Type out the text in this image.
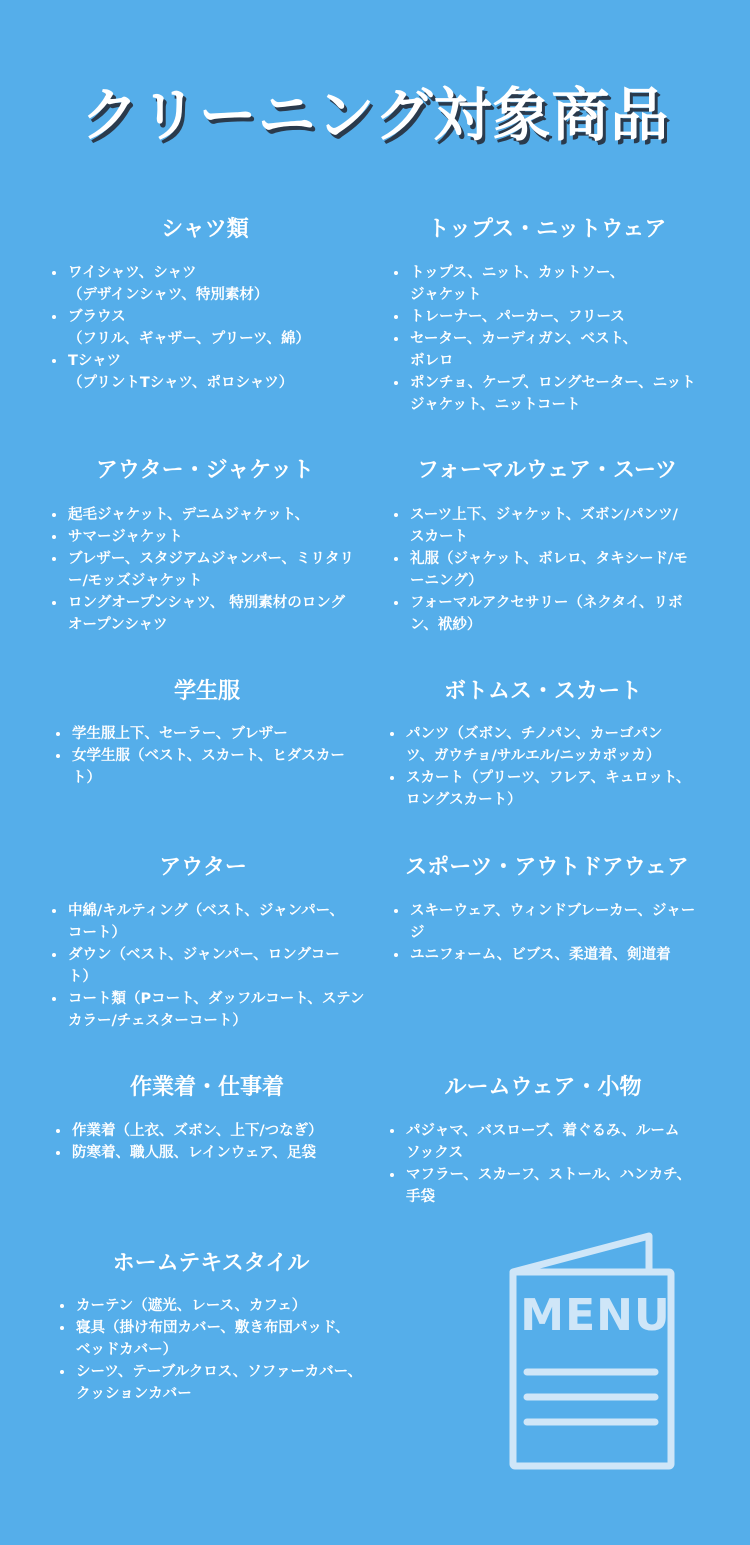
クリーニング対象商品
シャツ類
ワイシャツ、シャツ
（デザインシャツ、特別素材）
ブラウス
（フリル、ギャザー、プリーツ、綿）
Tシャツ
（プリントTシャツ、ポロシャツ）
トップス・ニットウェア
トップス、ニット、カットソー、
ジャケット
トレーナー、パーカー、フリース
セーター、カーディガン、ベスト、
ボレロ
ポンチョ、ケープ、ロングセーター、ニット
ジャケット、ニットコート
アウター・ジャケット
起毛ジャケット、デニムジャケット、
サマージャケット
ブレザー、スタジアムジャンパー、ミリタリ
ー/モッズジャケット
ロングオープンシャツ、 特別素材のロング
オープンシャツ
フォーマルウェア・スーツ
スーツ上下、ジャケット、ズボン/パンツ/
スカート
礼服（ジャケット、ボレロ、タキシード/モ
ーニング）
フォーマルアクセサリー（ネクタイ、リボ
ン、袱紗）
学生服
学生服上下、セーラー、ブレザー
女学生服（ベスト、スカート、ヒダスカー
ト）
ボトムス・スカート
パンツ（ズボン、チノパン、カーゴパン
ツ、ガウチョ/サルエル/ニッカポッカ）
スカート（プリーツ、フレア、キュロット、
ロングスカート）
アウター
中綿/キルティング（ベスト、ジャンパー、
コート）
ダウン（ベスト、ジャンパー、ロングコー
ト）
コート類（Pコート、ダッフルコート、ステン
カラー/チェスターコート）
スポーツ・アウトドアウェア
スキーウェア、ウィンドブレーカー、ジャー
ジ
ユニフォーム、ビブス、柔道着、剣道着
作業着・仕事着
作業着（上衣、ズボン、上下/つなぎ）
防寒着、職人服、レインウェア、足袋
ルームウェア・小物
パジャマ、バスローブ、着ぐるみ、ルーム
ソックス
マフラー、スカーフ、ストール、ハンカチ、
手袋
ホームテキスタイル
カーテン（遮光、レース、カフェ）
寝具（掛け布団カバー、敷き布団パッド、
ベッドカバー）
シーツ、テーブルクロス、ソファーカバー、
クッションカバー
MENU
